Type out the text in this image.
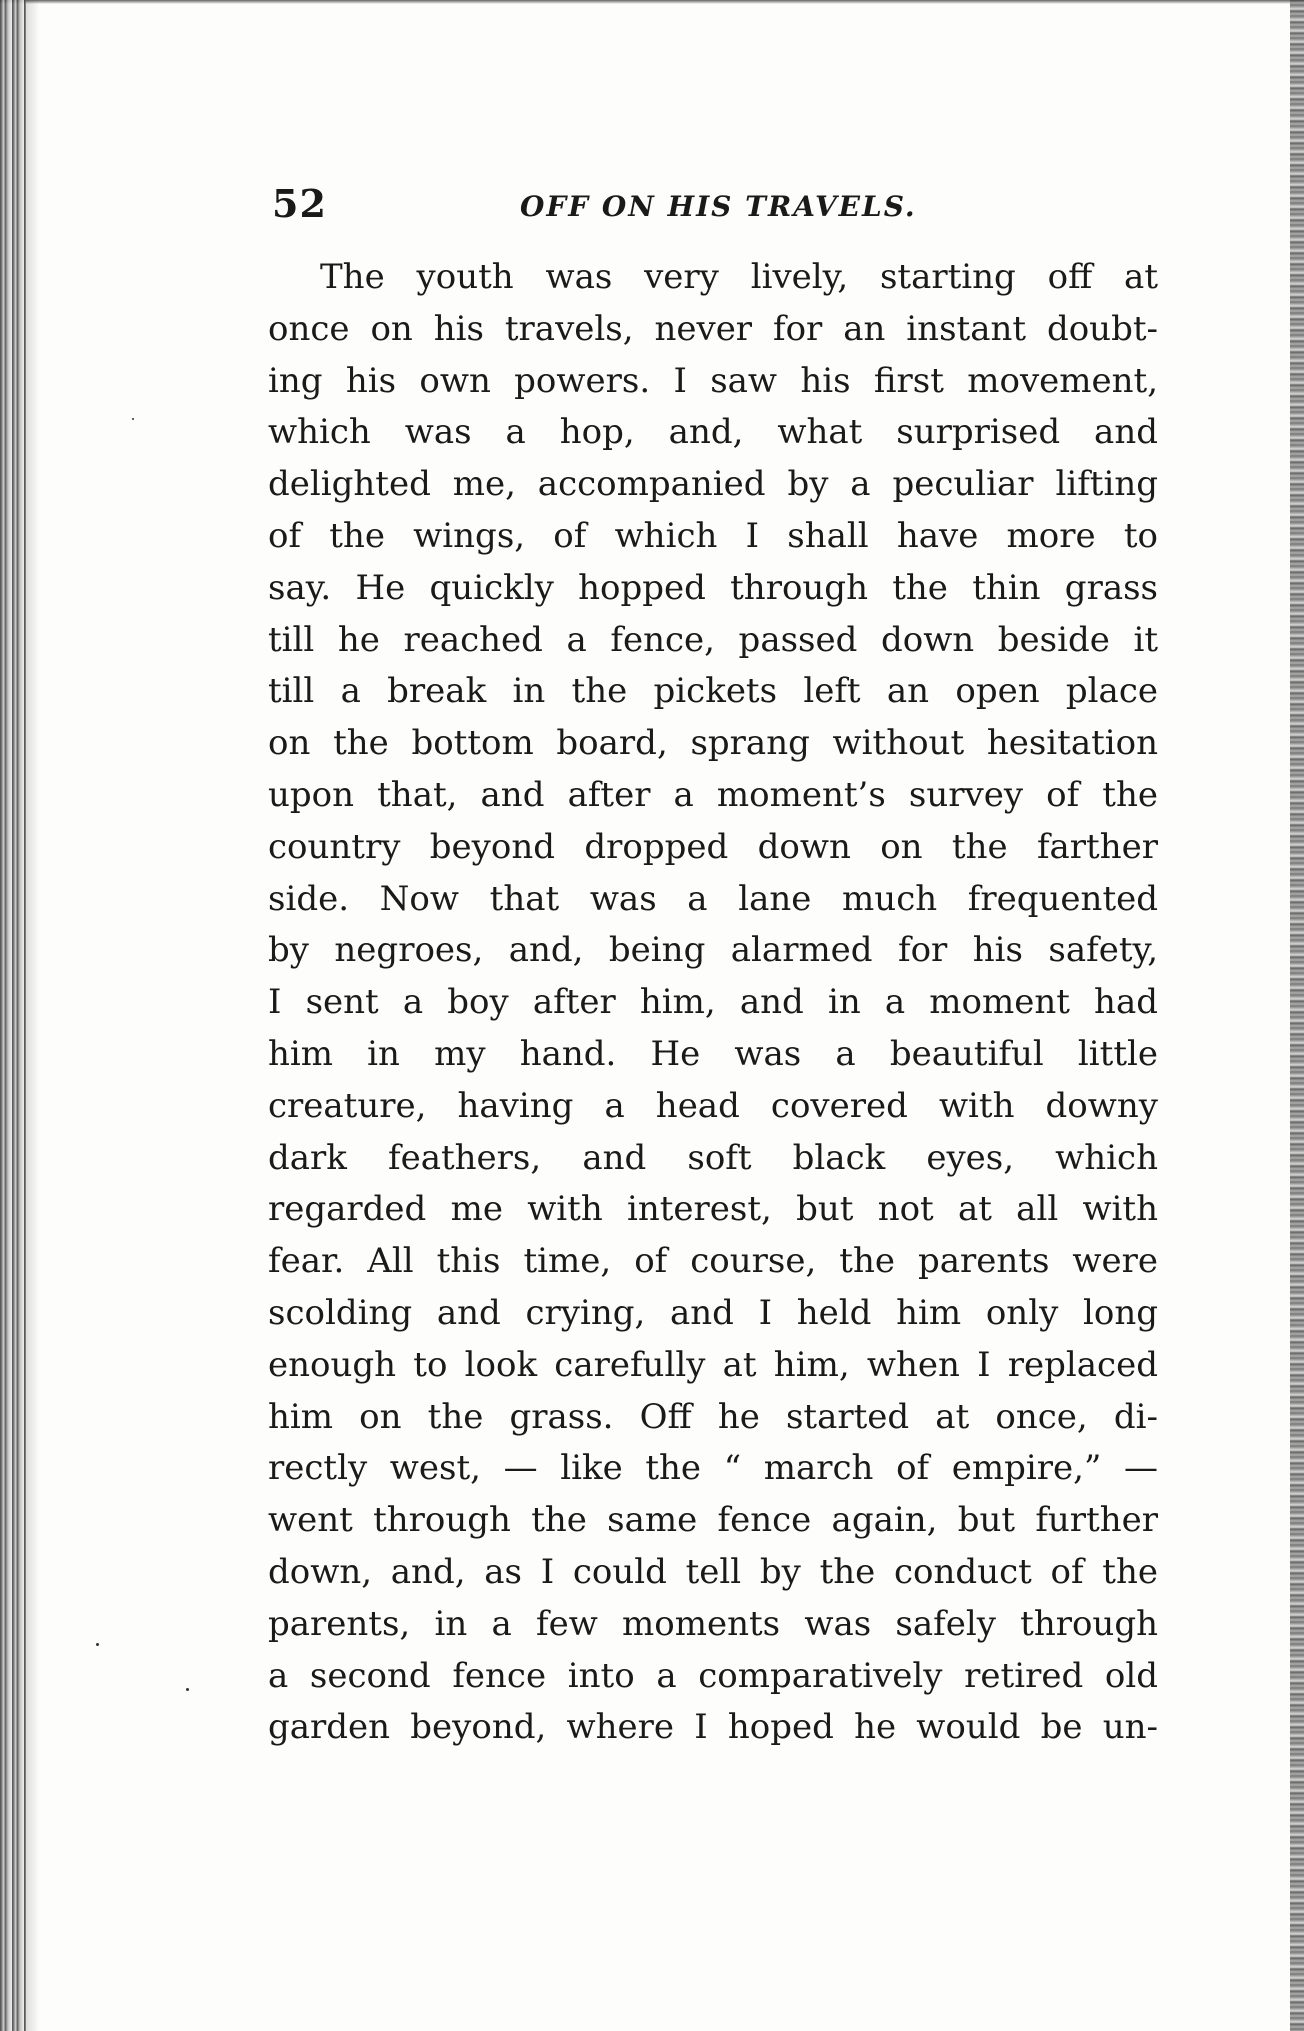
52	OFF ON HIS TRAVELS.
The youth was very lively, starting off at
once on his travels, never for an instant doubt-
ing his own powers. I saw his first movement,
which was a hop, and, what surprised and
delighted me, accompanied by a peculiar lifting
of the wings, of which I shall have more to
say. He quickly hopped through the thin grass
till he reached a fence, passed down beside it
till a break in the pickets left an open place
on the bottom board, sprang without hesitation
upon that, and after a moment’s survey of the
country beyond dropped down on the farther
side. Now that was a lane much frequented
by negroes, and, being alarmed for his safety,
I sent a boy after him, and in a moment had
him in my hand. He was a beautiful little
creature, having a head covered with downy
dark feathers, and soft black eyes, which
regarded me with interest, but not at all with
fear. All this time, of course, the parents were
scolding and crying, and I held him only long
enough to look carefully at him, when I replaced
him on the grass. Off he started at once, di-
rectly west, — like the “ march of empire,” —
went through the same fence again, but further
down, and, as I could tell by the conduct of the
parents, in a few moments was safely through
a second fence into a comparatively retired old
garden beyond, where I hoped he would be un-
